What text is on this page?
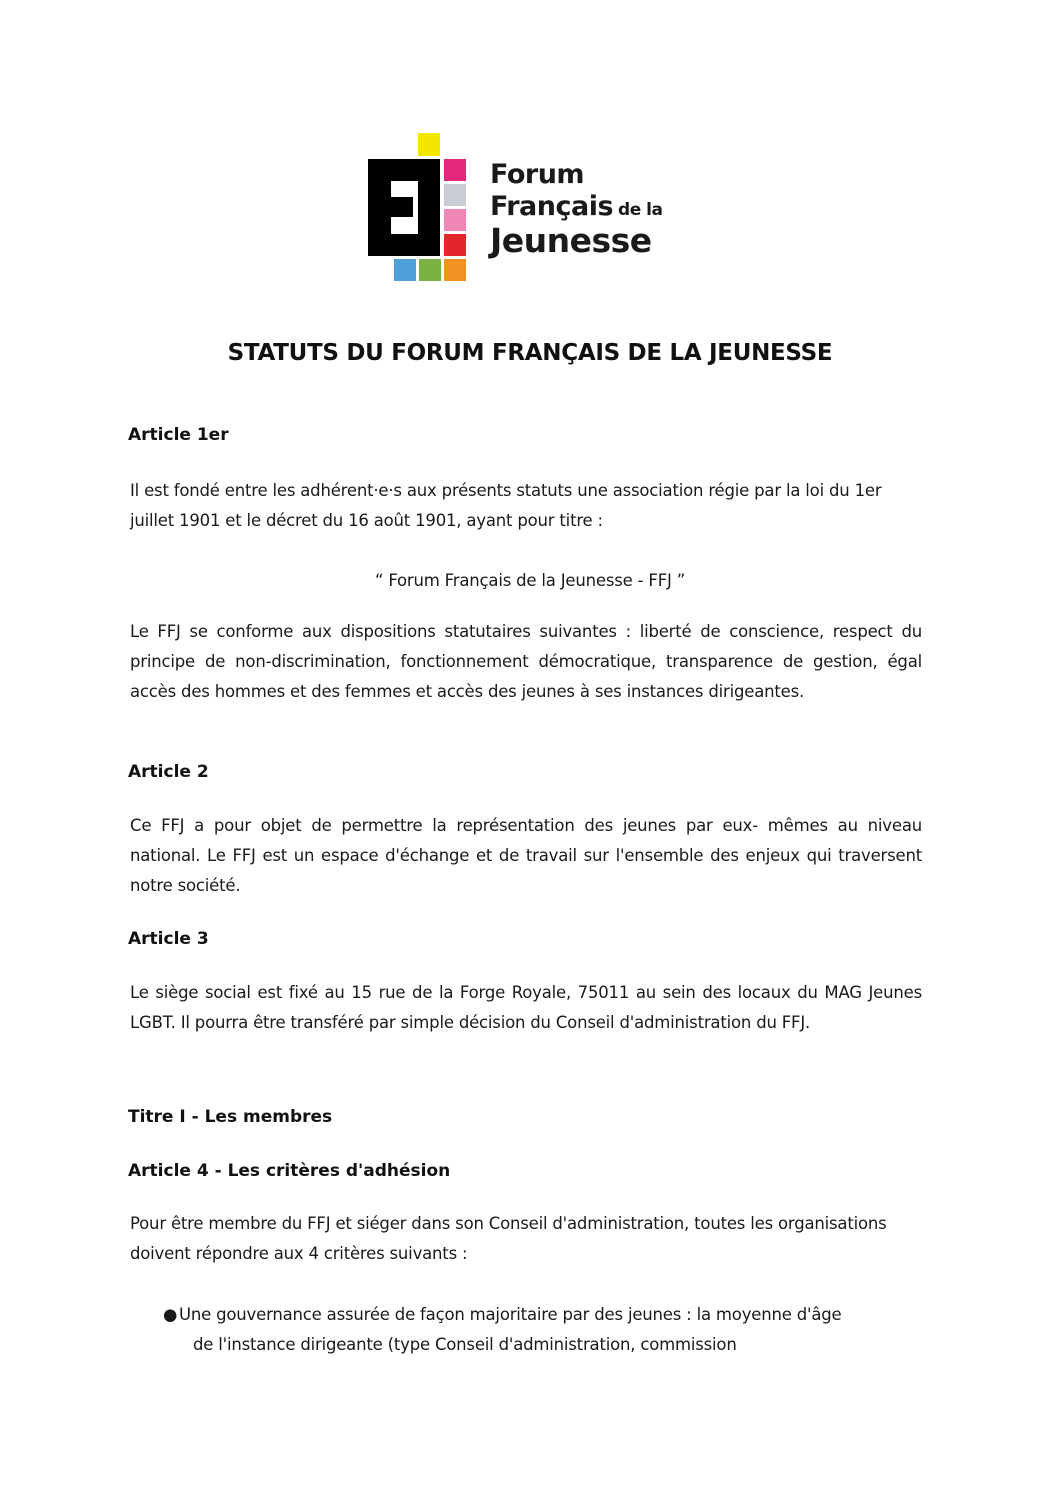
Forum
Français de la
Jeunesse
STATUTS DU FORUM FRANÇAIS DE LA JEUNESSE
Article 1er
Il est fondé entre les adhérent·e·s aux présents statuts une association régie par la loi du 1er juillet 1901 et le décret du 16 août 1901, ayant pour titre :
“ Forum Français de la Jeunesse - FFJ ”
Le FFJ se conforme aux dispositions statutaires suivantes : liberté de conscience, respect du principe de non-discrimination, fonctionnement démocratique, transparence de gestion, égal accès des hommes et des femmes et accès des jeunes à ses instances dirigeantes.
Article 2
Ce FFJ a pour objet de permettre la représentation des jeunes par eux- mêmes au niveau national. Le FFJ est un espace d'échange et de travail sur l'ensemble des enjeux qui traversent notre société.
Article 3
Le siège social est fixé au 15 rue de la Forge Royale, 75011 au sein des locaux du MAG Jeunes LGBT. Il pourra être transféré par simple décision du Conseil d'administration du FFJ.
Titre I - Les membres
Article 4 - Les critères d'adhésion
Pour être membre du FFJ et siéger dans son Conseil d'administration, toutes les organisations doivent répondre aux 4 critères suivants :
● Une gouvernance assurée de façon majoritaire par des jeunes : la moyenne d'âge
de l'instance dirigeante (type Conseil d'administration, commission
